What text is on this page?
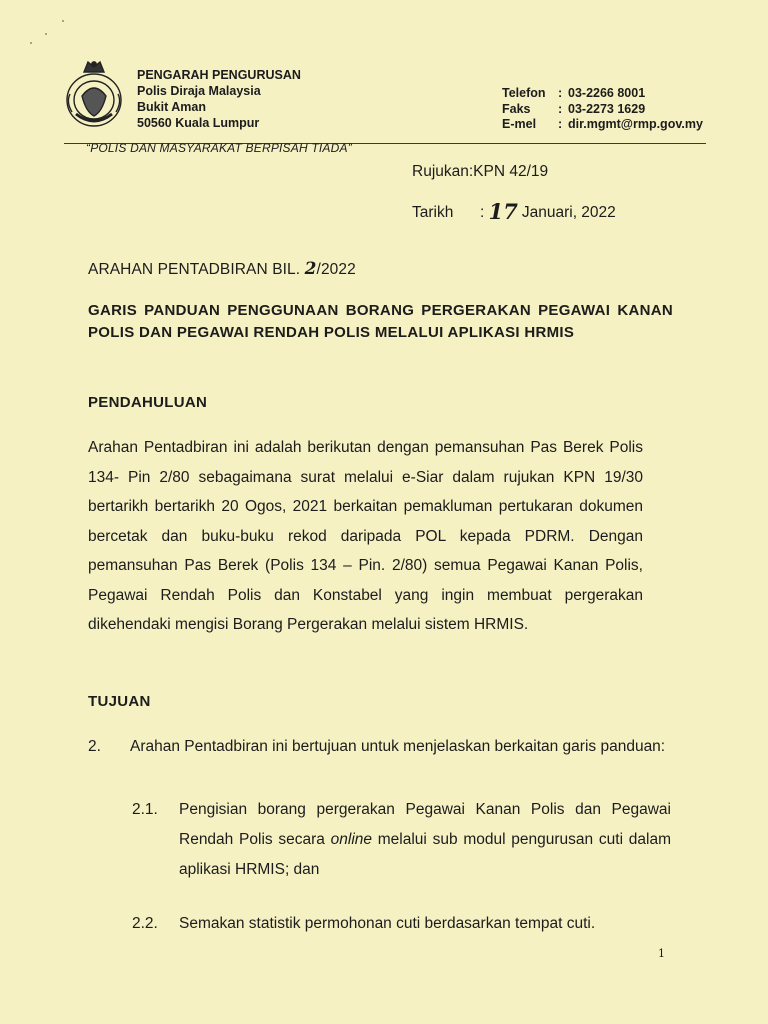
PENGARAH PENGURUSAN
Polis Diraja Malaysia
Bukit Aman
50560 Kuala Lumpur
Telefon : 03-2266 8001
Faks	: 03-2273 1629
E-mel	: dir.mgmt@rmp.gov.my
“POLIS DAN MASYARAKAT BERPISAH TIADA”
Rujukan:KPN 42/19
Tarikh : 17 Januari, 2022
ARAHAN PENTADBIRAN BIL. 2/2022
GARIS PANDUAN PENGGUNAAN BORANG PERGERAKAN PEGAWAI KANAN POLIS DAN PEGAWAI RENDAH POLIS MELALUI APLIKASI HRMIS
PENDAHULUAN
Arahan Pentadbiran ini adalah berikutan dengan pemansuhan Pas Berek Polis 134- Pin 2/80 sebagaimana surat melalui e-Siar dalam rujukan KPN 19/30 bertarikh bertarikh 20 Ogos, 2021 berkaitan pemakluman pertukaran dokumen bercetak dan buku-buku rekod daripada POL kepada PDRM. Dengan pemansuhan Pas Berek (Polis 134 – Pin. 2/80) semua Pegawai Kanan Polis, Pegawai Rendah Polis dan Konstabel yang ingin membuat pergerakan dikehendaki mengisi Borang Pergerakan melalui sistem HRMIS.
TUJUAN
2. Arahan Pentadbiran ini bertujuan untuk menjelaskan berkaitan garis panduan:
2.1.	Pengisian borang pergerakan Pegawai Kanan Polis dan Pegawai Rendah Polis secara online melalui sub modul pengurusan cuti dalam aplikasi HRMIS; dan
2.2.	Semakan statistik permohonan cuti berdasarkan tempat cuti.
1
